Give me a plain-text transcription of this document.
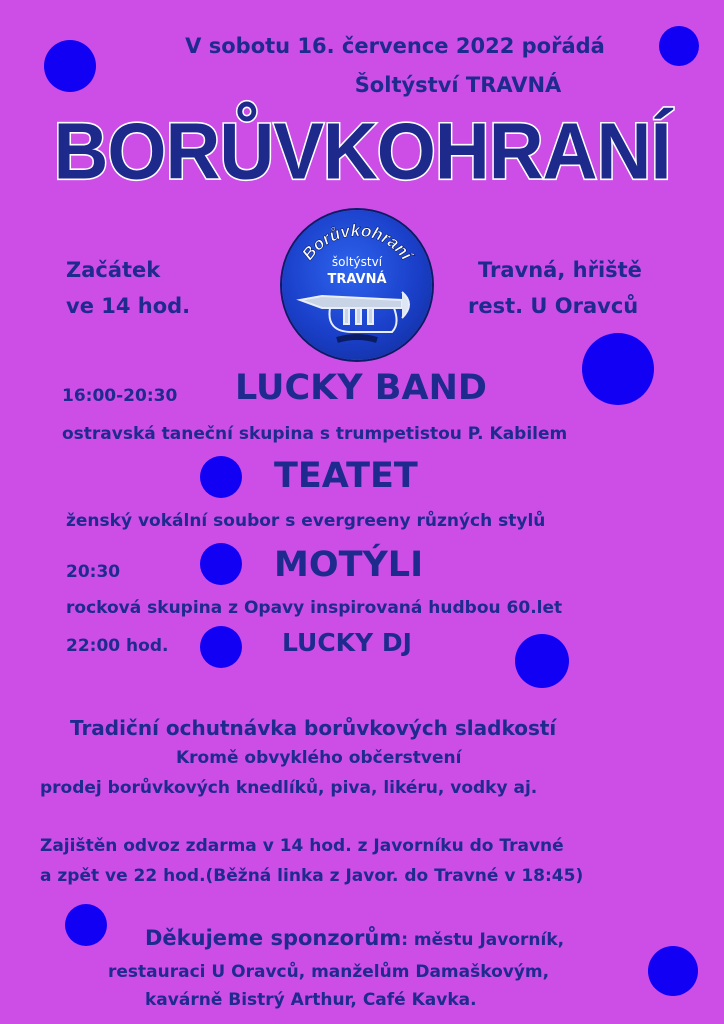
V sobotu 16. července 2022 pořádá
Šoltýství TRAVNÁ
BORŮVKOHRANÍ
Borůvkohraní
šoltýství
TRAVNÁ
Začátek
ve 14 hod.
Travná, hřiště
rest. U Oravců
16:00-20:30 LUCKY BAND
ostravská taneční skupina s trumpetistou P. Kabilem
TEATET
ženský vokální soubor s evergreeny různých stylů
20:30	MOTÝLI
rocková skupina z Opavy inspirovaná hudbou 60.let
22:00 hod.	LUCKY DJ
Tradiční ochutnávka borůvkových sladkostí
Kromě obvyklého občerstvení
prodej borůvkových knedlíků, piva, likéru, vodky aj.
Zajištěn odvoz zdarma v 14 hod. z Javorníku do Travné
a zpět ve 22 hod.(Běžná linka z Javor. do Travné v 18:45)
Děkujeme sponzorům: městu Javorník,
restauraci U Oravců, manželům Damaškovým,
kavárně Bistrý Arthur, Café Kavka.
